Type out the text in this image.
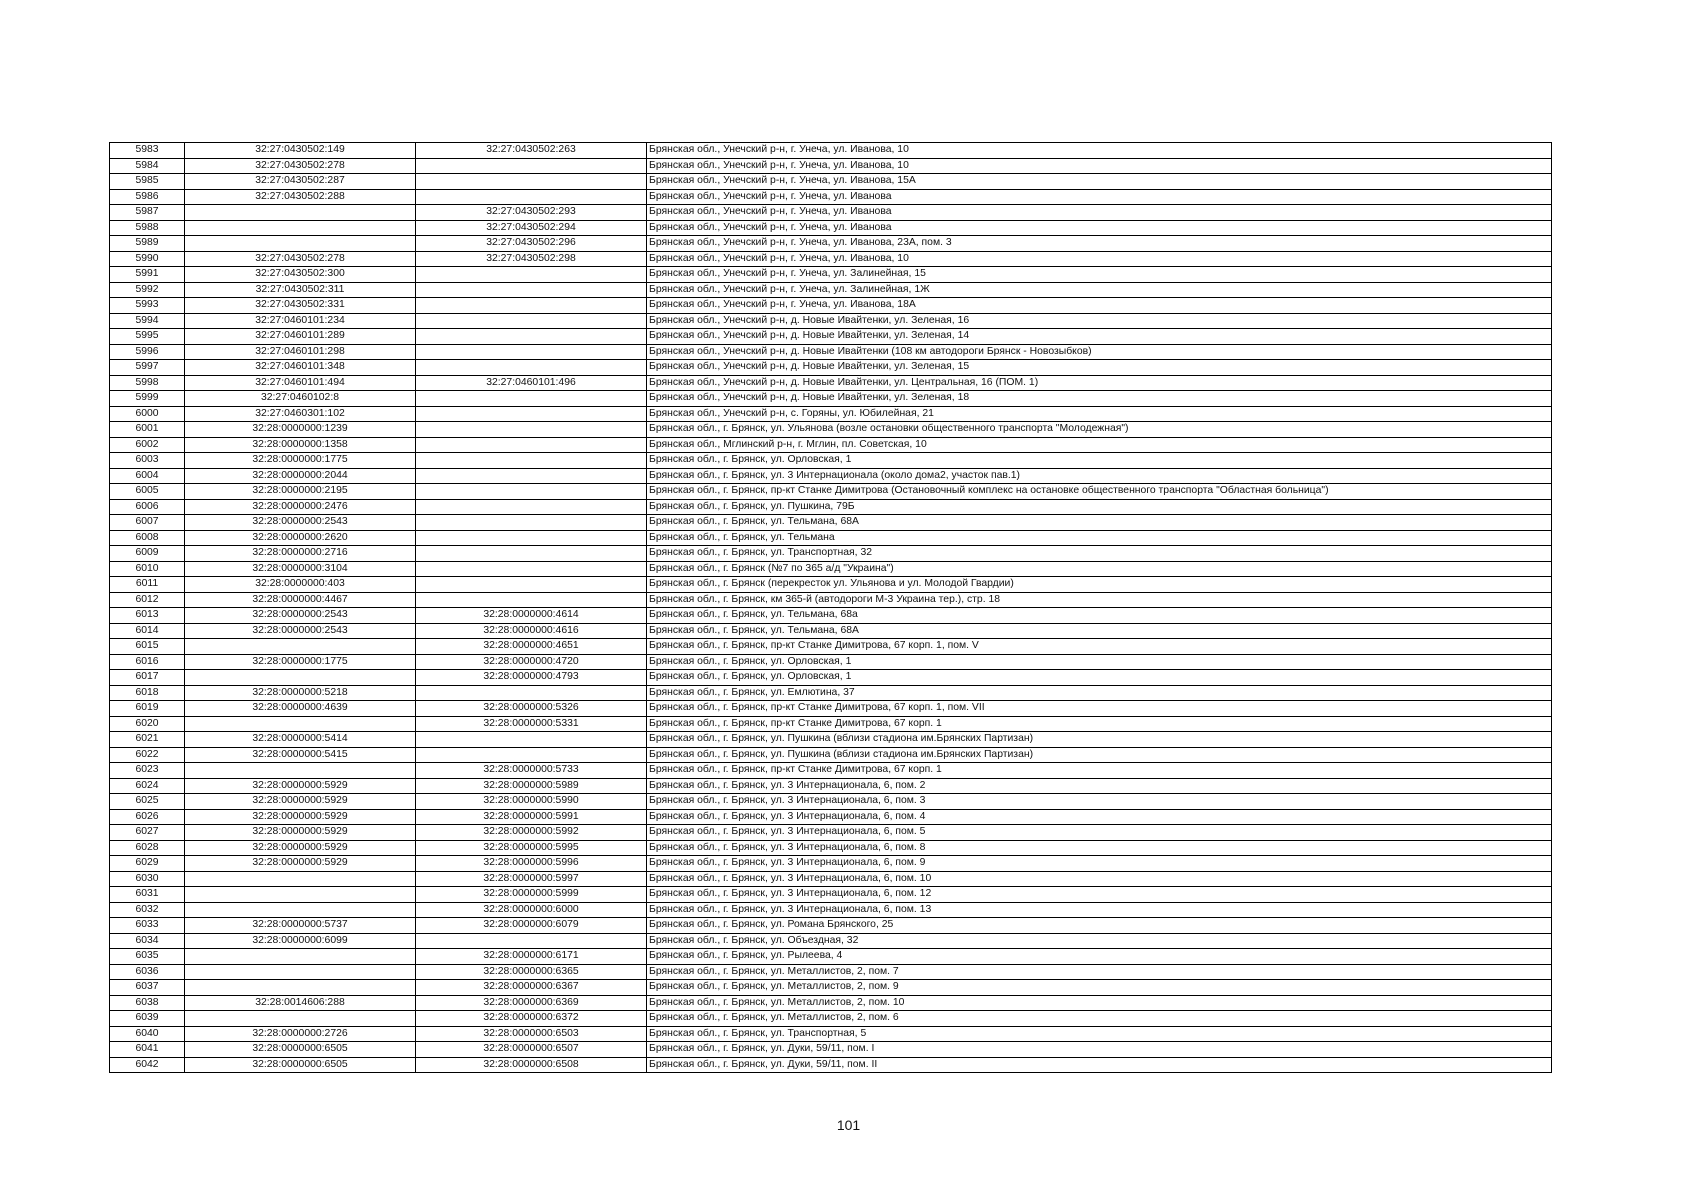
5983	32:27:0430502:149	32:27:0430502:263	Брянская обл., Унечский р-н, г. Унеча, ул. Иванова, 10
5984	32:27:0430502:278		Брянская обл., Унечский р-н, г. Унеча, ул. Иванова, 10
5985	32:27:0430502:287		Брянская обл., Унечский р-н, г. Унеча, ул. Иванова, 15А
5986	32:27:0430502:288		Брянская обл., Унечский р-н, г. Унеча, ул. Иванова
5987		32:27:0430502:293	Брянская обл., Унечский р-н, г. Унеча, ул. Иванова
5988		32:27:0430502:294	Брянская обл., Унечский р-н, г. Унеча, ул. Иванова
5989		32:27:0430502:296	Брянская обл., Унечский р-н, г. Унеча, ул. Иванова, 23А, пом. 3
5990	32:27:0430502:278	32:27:0430502:298	Брянская обл., Унечский р-н, г. Унеча, ул. Иванова, 10
5991	32:27:0430502:300		Брянская обл., Унечский р-н, г. Унеча, ул. Залинейная, 15
5992	32:27:0430502:311		Брянская обл., Унечский р-н, г. Унеча, ул. Залинейная, 1Ж
5993	32:27:0430502:331		Брянская обл., Унечский р-н, г. Унеча, ул. Иванова, 18А
5994	32:27:0460101:234		Брянская обл., Унечский р-н, д. Новые Ивайтенки, ул. Зеленая, 16
5995	32:27:0460101:289		Брянская обл., Унечский р-н, д. Новые Ивайтенки, ул. Зеленая, 14
5996	32:27:0460101:298		Брянская обл., Унечский р-н, д. Новые Ивайтенки (108 км автодороги Брянск - Новозыбков)
5997	32:27:0460101:348		Брянская обл., Унечский р-н, д. Новые Ивайтенки, ул. Зеленая, 15
5998	32:27:0460101:494	32:27:0460101:496	Брянская обл., Унечский р-н, д. Новые Ивайтенки, ул. Центральная, 16 (ПОМ. 1)
5999	32:27:0460102:8		Брянская обл., Унечский р-н, д. Новые Ивайтенки, ул. Зеленая, 18
6000	32:27:0460301:102		Брянская обл., Унечский р-н, с. Горяны, ул. Юбилейная, 21
6001	32:28:0000000:1239		Брянская обл., г. Брянск, ул. Ульянова (возле остановки общественного транспорта "Молодежная")
6002	32:28:0000000:1358		Брянская обл., Мглинский р-н, г. Мглин, пл. Советская, 10
6003	32:28:0000000:1775		Брянская обл., г. Брянск, ул. Орловская, 1
6004	32:28:0000000:2044		Брянская обл., г. Брянск, ул. 3 Интернационала (около дома2, участок пав.1)
6005	32:28:0000000:2195		Брянская обл., г. Брянск, пр-кт Станке Димитрова (Остановочный комплекс на остановке общественного транспорта "Областная больница")
6006	32:28:0000000:2476		Брянская обл., г. Брянск, ул. Пушкина, 79Б
6007	32:28:0000000:2543		Брянская обл., г. Брянск, ул. Тельмана, 68А
6008	32:28:0000000:2620		Брянская обл., г. Брянск, ул. Тельмана
6009	32:28:0000000:2716		Брянская обл., г. Брянск, ул. Транспортная, 32
6010	32:28:0000000:3104		Брянская обл., г. Брянск (№7 по 365 а/д "Украина")
6011	32:28:0000000:403		Брянская обл., г. Брянск (перекресток ул. Ульянова и ул. Молодой Гвардии)
6012	32:28:0000000:4467		Брянская обл., г. Брянск, км 365-й (автодороги М-3 Украина тер.), стр. 18
6013	32:28:0000000:2543	32:28:0000000:4614	Брянская обл., г. Брянск, ул. Тельмана, 68а
6014	32:28:0000000:2543	32:28:0000000:4616	Брянская обл., г. Брянск, ул. Тельмана, 68А
6015		32:28:0000000:4651	Брянская обл., г. Брянск, пр-кт Станке Димитрова, 67 корп. 1, пом. V
6016	32:28:0000000:1775	32:28:0000000:4720	Брянская обл., г. Брянск, ул. Орловская, 1
6017		32:28:0000000:4793	Брянская обл., г. Брянск, ул. Орловская, 1
6018	32:28:0000000:5218		Брянская обл., г. Брянск, ул. Емлютина, 37
6019	32:28:0000000:4639	32:28:0000000:5326	Брянская обл., г. Брянск, пр-кт Станке Димитрова, 67 корп. 1, пом. VII
6020		32:28:0000000:5331	Брянская обл., г. Брянск, пр-кт Станке Димитрова, 67 корп. 1
6021	32:28:0000000:5414		Брянская обл., г. Брянск, ул. Пушкина (вблизи стадиона им.Брянских Партизан)
6022	32:28:0000000:5415		Брянская обл., г. Брянск, ул. Пушкина (вблизи стадиона им.Брянских Партизан)
6023		32:28:0000000:5733	Брянская обл., г. Брянск, пр-кт Станке Димитрова, 67 корп. 1
6024	32:28:0000000:5929	32:28:0000000:5989	Брянская обл., г. Брянск, ул. 3 Интернационала, 6, пом. 2
6025	32:28:0000000:5929	32:28:0000000:5990	Брянская обл., г. Брянск, ул. 3 Интернационала, 6, пом. 3
6026	32:28:0000000:5929	32:28:0000000:5991	Брянская обл., г. Брянск, ул. 3 Интернационала, 6, пом. 4
6027	32:28:0000000:5929	32:28:0000000:5992	Брянская обл., г. Брянск, ул. 3 Интернационала, 6, пом. 5
6028	32:28:0000000:5929	32:28:0000000:5995	Брянская обл., г. Брянск, ул. 3 Интернационала, 6, пом. 8
6029	32:28:0000000:5929	32:28:0000000:5996	Брянская обл., г. Брянск, ул. 3 Интернационала, 6, пом. 9
6030		32:28:0000000:5997	Брянская обл., г. Брянск, ул. 3 Интернационала, 6, пом. 10
6031		32:28:0000000:5999	Брянская обл., г. Брянск, ул. 3 Интернационала, 6, пом. 12
6032		32:28:0000000:6000	Брянская обл., г. Брянск, ул. 3 Интернационала, 6, пом. 13
6033	32:28:0000000:5737	32:28:0000000:6079	Брянская обл., г. Брянск, ул. Романа Брянского, 25
6034	32:28:0000000:6099		Брянская обл., г. Брянск, ул. Объездная, 32
6035		32:28:0000000:6171	Брянская обл., г. Брянск, ул. Рылеева, 4
6036		32:28:0000000:6365	Брянская обл., г. Брянск, ул. Металлистов, 2, пом. 7
6037		32:28:0000000:6367	Брянская обл., г. Брянск, ул. Металлистов, 2, пом. 9
6038	32:28:0014606:288	32:28:0000000:6369	Брянская обл., г. Брянск, ул. Металлистов, 2, пом. 10
6039		32:28:0000000:6372	Брянская обл., г. Брянск, ул. Металлистов, 2, пом. 6
6040	32:28:0000000:2726	32:28:0000000:6503	Брянская обл., г. Брянск, ул. Транспортная, 5
6041	32:28:0000000:6505	32:28:0000000:6507	Брянская обл., г. Брянск, ул. Дуки, 59/11, пом. I
6042	32:28:0000000:6505	32:28:0000000:6508	Брянская обл., г. Брянск, ул. Дуки, 59/11, пом. II
101
